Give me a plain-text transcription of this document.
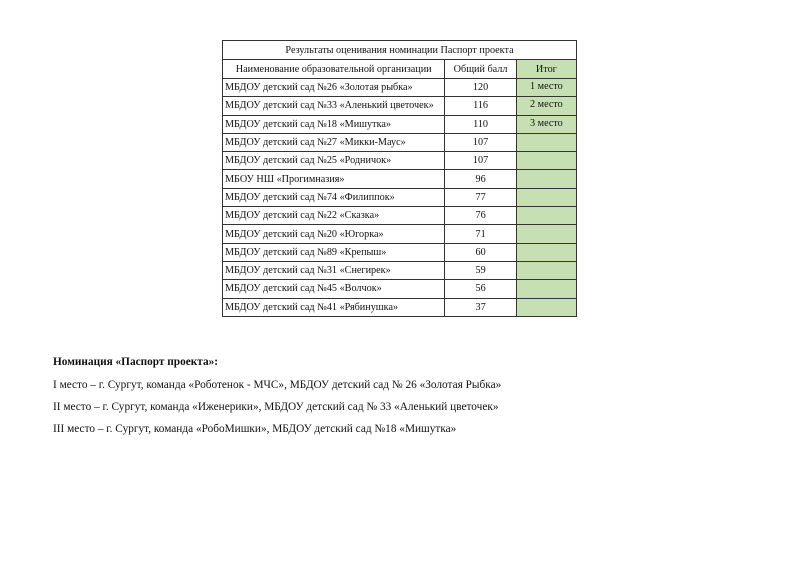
Результаты оценивания номинации Паспорт проекта		
Наименование образовательной организации	Общий балл	Итог
МБДОУ детский сад №26 «Золотая рыбка»	120	1 место
МБДОУ детский сад №33 «Аленький цветочек»	116	2 место
МБДОУ детский сад №18 «Мишутка»	110	3 место
МБДОУ детский сад №27 «Микки-Маус»	107	
МБДОУ детский сад №25 «Родничок»	107	
МБОУ НШ «Прогимназия»	96	
МБДОУ детский сад №74 «Филиппок»	77	
МБДОУ детский сад №22 «Сказка»	76	
МБДОУ детский сад №20 «Югорка»	71	
МБДОУ детский сад №89 «Крепыш»	60	
МБДОУ детский сад №31 «Снегирек»	59	
МБДОУ детский сад №45 «Волчок»	56	
МБДОУ детский сад №41 «Рябинушка»	37	

Номинация «Паспорт проекта»:

I место – г. Сургут, команда «Роботенок - МЧС», МБДОУ детский сад № 26 «Золотая Рыбка»

II место – г. Сургут, команда «Иженерики», МБДОУ детский сад № 33 «Аленький цветочек»

III место – г. Сургут, команда «РобоМишки», МБДОУ детский сад №18 «Мишутка»
